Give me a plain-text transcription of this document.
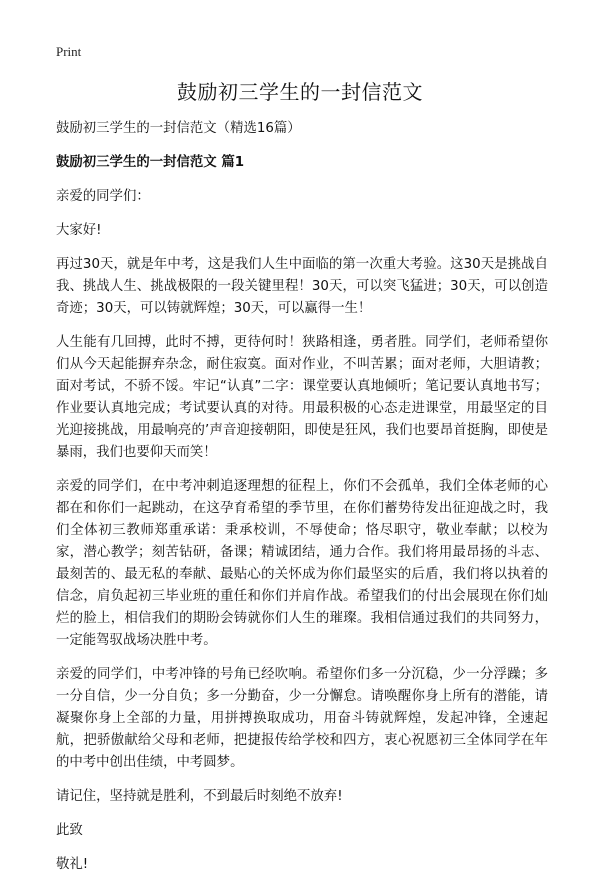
Print
鼓励初三学生的一封信范文

鼓励初三学生的一封信范文（精选16篇）

鼓励初三学生的一封信范文 篇1

亲爱的同学们：

大家好!

再过30天，就是年中考，这是我们人生中面临的第一次重大考验。这30天是挑战自我、挑战人生、挑战极限的一段关键里程！30天，可以突飞猛进；30天，可以创造奇迹；30天，可以铸就辉煌；30天，可以赢得一生！

人生能有几回搏，此时不搏，更待何时！狭路相逢，勇者胜。同学们，老师希望你们从今天起能摒弃杂念，耐住寂寞。面对作业，不叫苦累；面对老师，大胆请教；面对考试，不骄不馁。牢记“认真”二字：课堂要认真地倾听；笔记要认真地书写；作业要认真地完成；考试要认真的对待。用最积极的心态走进课堂，用最坚定的目光迎接挑战，用最响亮的’声音迎接朝阳，即使是狂风，我们也要昂首挺胸，即使是暴雨，我们也要仰天而笑！

亲爱的同学们，在中考冲刺追逐理想的征程上，你们不会孤单，我们全体老师的心都在和你们一起跳动，在这孕育希望的季节里，在你们蓄势待发出征迎战之时，我们全体初三教师郑重承诺：秉承校训，不辱使命；恪尽职守，敬业奉献；以校为家，潜心教学；刻苦钻研，备课；精诚团结，通力合作。我们将用最昂扬的斗志、最刻苦的、最无私的奉献、最贴心的关怀成为你们最坚实的后盾，我们将以执着的信念，肩负起初三毕业班的重任和你们并肩作战。希望我们的付出会展现在你们灿烂的脸上，相信我们的期盼会铸就你们人生的璀璨。我相信通过我们的共同努力，一定能驾驭战场决胜中考。

亲爱的同学们，中考冲锋的号角已经吹响。希望你们多一分沉稳，少一分浮躁；多一分自信，少一分自负；多一分勤奋，少一分懈怠。请唤醒你身上所有的潜能，请凝聚你身上全部的力量，用拼搏换取成功，用奋斗铸就辉煌，发起冲锋，全速起航，把骄傲献给父母和老师，把捷报传给学校和四方，衷心祝愿初三全体同学在年的中考中创出佳绩，中考圆梦。

请记住，坚持就是胜利，不到最后时刻绝不放弃!

此致

敬礼!
